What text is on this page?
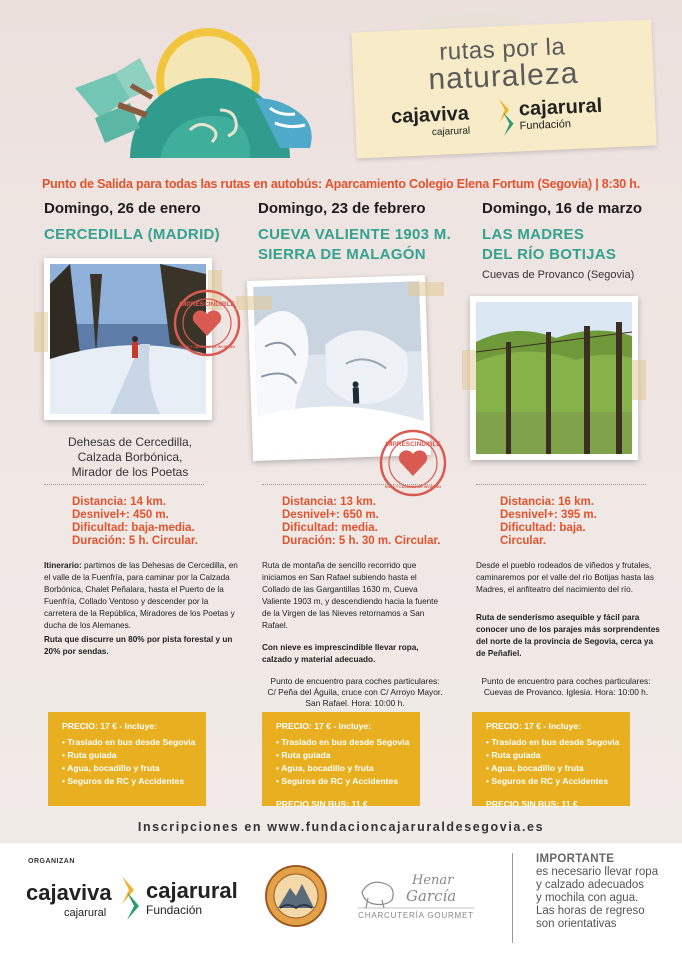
rutas por la
naturaleza
cajaviva
cajarural
cajarural
Fundación
Punto de Salida para todas las rutas en autobús: Aparcamiento Colegio Elena Fortum (Segovia) | 8:30 h.
Domingo, 26 de enero
CERCEDILLA (MADRID)
IMPRESCINDIBLE
ROPA Y CALZADO DE INVIERNO
Dehesas de Cercedilla,
Calzada Borbónica,
Mirador de los Poetas
Distancia: 14 km.
Desnivel+: 450 m.
Dificultad: baja-media.
Duración: 5 h. Circular.

Itinerario: partimos de las Dehesas de Cercedilla, en el valle de la Fuenfría, para caminar por la Calzada Borbónica, Chalet Peñalara, hasta el Puerto de la Fuenfría, Collado Ventoso y descender por la carretera de la República, Miradores de los Poetas y ducha de los Alemanes.

Ruta que discurre un 80% por pista forestal y un 20% por sendas.

PRECIO: 17 € - Incluye:
• Traslado en bus desde Segovia
• Ruta guiada
• Agua, bocadillo y fruta
• Seguros de RC y Accidentes
Domingo, 23 de febrero
CUEVA VALIENTE 1903 M.
SIERRA DE MALAGÓN
IMPRESCINDIBLE
ROPA Y CALZADO DE INVIERNO
Distancia: 13 km.
Desnivel+: 650 m.
Dificultad: media.
Duración: 5 h. 30 m. Circular.

Ruta de montaña de sencillo recorrido que iniciamos en San Rafael subiendo hasta el Collado de las Gargantillas 1630 m, Cueva Valiente 1903 m, y descendiendo hacia la fuente de la Virgen de las Nieves retornamos a San Rafael.

Con nieve es imprescindible llevar ropa, calzado y material adecuado.

Punto de encuentro para coches particulares:
C/ Peña del Águila, cruce con C/ Arroyo Mayor.
San Rafael. Hora: 10:00 h.
PRECIO: 17 € - Incluye:
• Traslado en bus desde Segovia
• Ruta guiada
• Agua, bocadillo y fruta
• Seguros de RC y Accidentes
PRECIO SIN BUS: 11 €
Domingo, 16 de marzo
LAS MADRES
DEL RÍO BOTIJAS
Cuevas de Provanco (Segovia)
Distancia: 16 km.
Desnivel+: 395 m.
Dificultad: baja.
Circular.

Desde el pueblo rodeados de viñedos y frutales, caminaremos por el valle del río Botijas hasta las Madres, el anfiteatro del nacimiento del río.

Ruta de senderismo asequible y fácil para conocer uno de los parajes más sorprendentes del norte de la provincia de Segovia, cerca ya de Peñafiel.

Punto de encuentro para coches particulares:
Cuevas de Provanco. Iglesia. Hora: 10:00 h.
PRECIO: 17 € - Incluye:
• Traslado en bus desde Segovia
• Ruta guiada
• Agua, bocadillo y fruta
• Seguros de RC y Accidentes
PRECIO SIN BUS: 11 €
Inscripciones en www.fundacioncajaruraldesegovia.es
ORGANIZAN
cajaviva
cajarural
cajarural
Fundación
Henar
García
CHARCUTERÍA GOURMET
IMPORTANTE
es necesario llevar ropa
y calzado adecuados
y mochila con agua.
Las horas de regreso
son orientativas
